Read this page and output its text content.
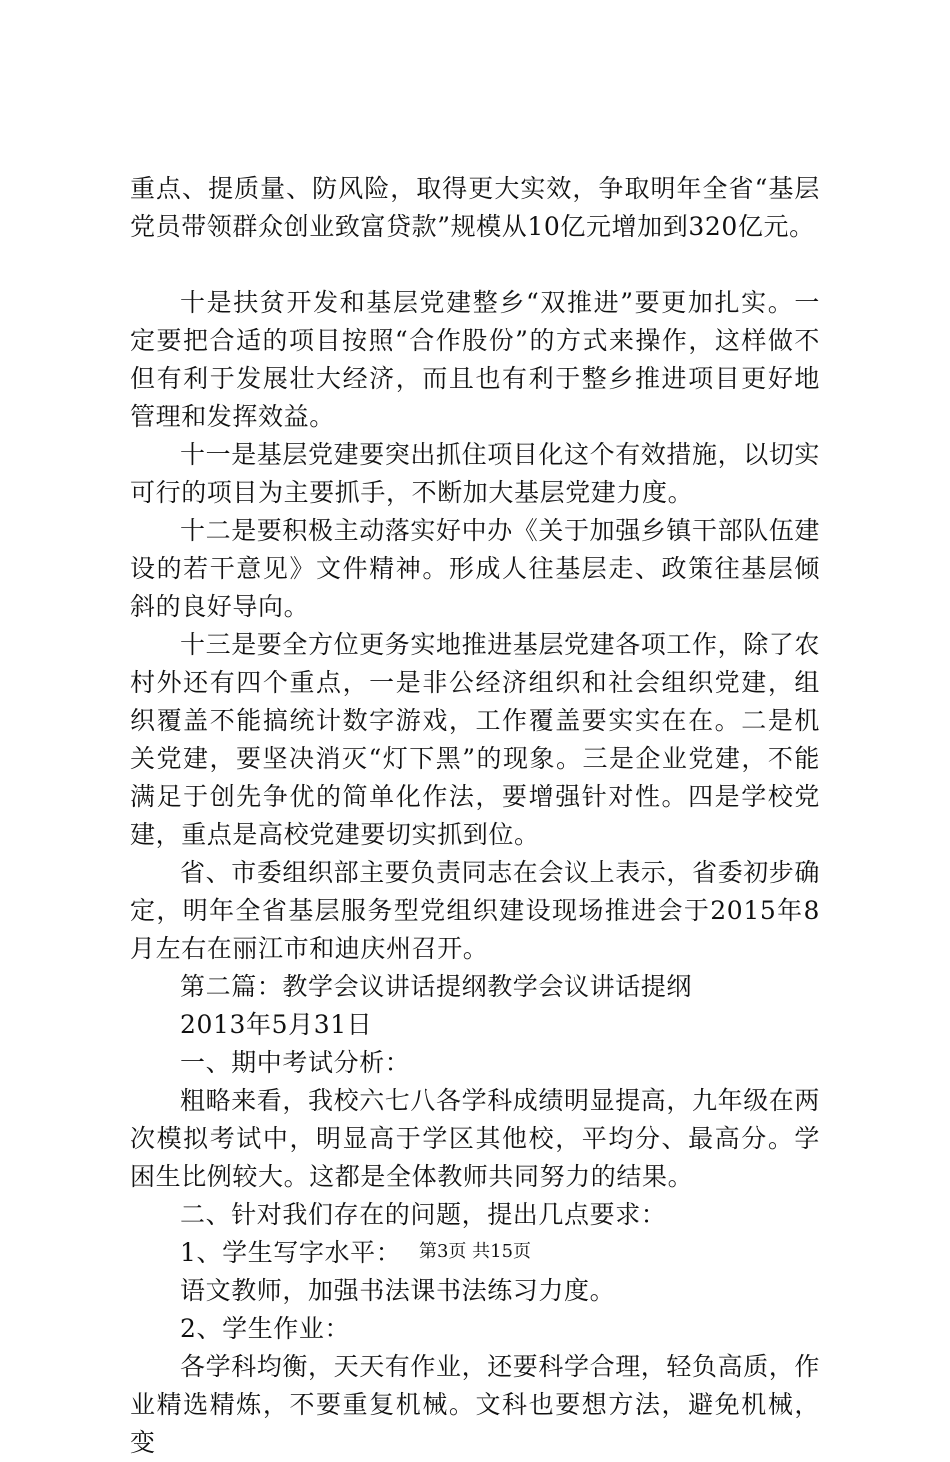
重点、提质量、防风险，取得更大实效，争取明年全省“基层党员带领群众创业致富贷款”规模从10亿元增加到320亿元。

十是扶贫开发和基层党建整乡“双推进”要更加扎实。一定要把合适的项目按照“合作股份”的方式来操作，这样做不但有利于发展壮大经济，而且也有利于整乡推进项目更好地管理和发挥效益。

十一是基层党建要突出抓住项目化这个有效措施，以切实可行的项目为主要抓手，不断加大基层党建力度。

十二是要积极主动落实好中办《关于加强乡镇干部队伍建设的若干意见》文件精神。形成人往基层走、政策往基层倾斜的良好导向。

十三是要全方位更务实地推进基层党建各项工作，除了农村外还有四个重点，一是非公经济组织和社会组织党建，组织覆盖不能搞统计数字游戏，工作覆盖要实实在在。二是机关党建，要坚决消灭“灯下黑”的现象。三是企业党建，不能满足于创先争优的简单化作法，要增强针对性。四是学校党建，重点是高校党建要切实抓到位。

省、市委组织部主要负责同志在会议上表示，省委初步确定，明年全省基层服务型党组织建设现场推进会于2015年8月左右在丽江市和迪庆州召开。

第二篇：教学会议讲话提纲教学会议讲话提纲

2013年5月31日

一、期中考试分析：

粗略来看，我校六七八各学科成绩明显提高，九年级在两次模拟考试中，明显高于学区其他校，平均分、最高分。学困生比例较大。这都是全体教师共同努力的结果。

二、针对我们存在的问题，提出几点要求：

1、学生写字水平：

语文教师，加强书法课书法练习力度。

2、学生作业：

各学科均衡，天天有作业，还要科学合理，轻负高质，作业精选精炼，不要重复机械。文科也要想方法，避免机械，变

第3页 共15页
